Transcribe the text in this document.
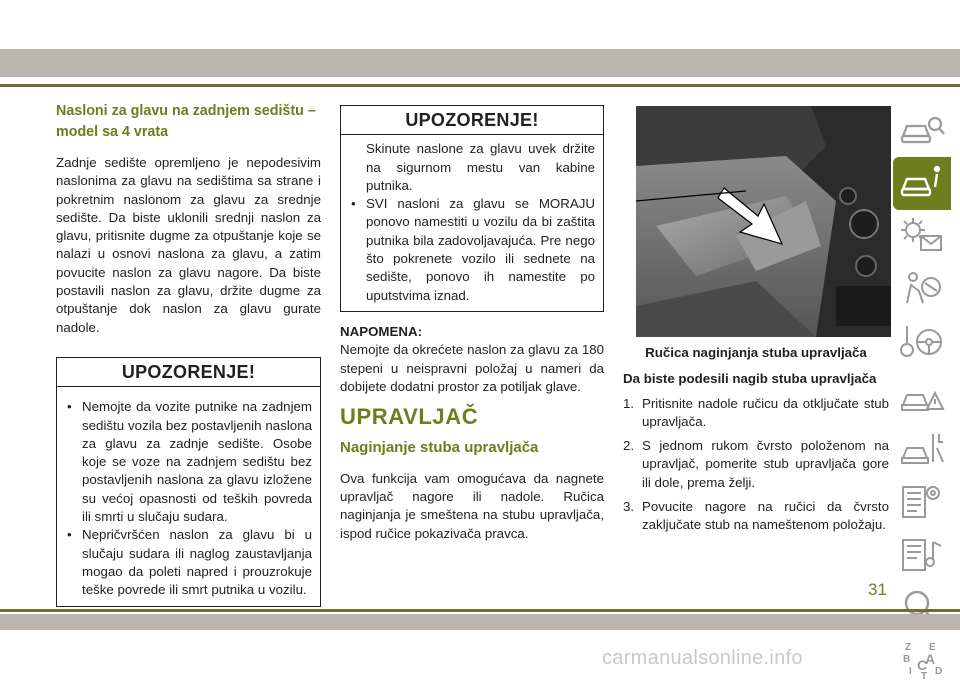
Nasloni za glavu na zadnjem sedištu – model sa 4 vrata

Zadnje sedište opremljeno je nepodesivim naslonima za glavu na sedištima sa strane i pokretnim naslonom za glavu za srednje sedište. Da biste uklonili srednji naslon za glavu, pritisnite dugme za otpuštanje koje se nalazi u osnovi naslona za glavu, a zatim povucite naslon za glavu nagore. Da biste postavili naslon za glavu, držite dugme za otpuštanje dok naslon za glavu gurate nadole.

UPOZORENJE!

• Nemojte da vozite putnike na zadnjem sedištu vozila bez postavljenih naslona za glavu za zadnje sedište. Osobe koje se voze na zadnjem sedištu bez postavljenih naslona za glavu izložene su većoj opasnosti od teških povreda ili smrti u slučaju sudara.

• Nepričvršćen naslon za glavu bi u slučaju sudara ili naglog zaustavljanja mogao da poleti napred i prouzrokuje teške povrede ili smrt putnika u vozilu.

UPOZORENJE!

Skinute naslone za glavu uvek držite na sigurnom mestu van kabine putnika.

• SVI nasloni za glavu se MORAJU ponovo namestiti u vozilu da bi zaštita putnika bila zadovoljavajuća. Pre nego što pokrenete vozilo ili sednete na sedište, ponovo ih namestite po uputstvima iznad.

NAPOMENA:

Nemojte da okrećete naslon za glavu za 180 stepeni u neispravni položaj u nameri da dobijete dodatni prostor za potiljak glave.

UPRAVLJAČ
Naginjanje stuba upravljača

Ova funkcija vam omogućava da nagnete upravljač nagore ili nadole. Ručica naginjanja je smeštena na stubu upravljača, ispod ručice pokazivača pravca.

Ručica naginjanja stuba upravljača
Da biste podesili nagib stuba upravljača
1. Pritisnite nadole ručicu da otključate stub upravljača.
2. S jednom rukom čvrsto položenom na upravljač, pomerite stub upravljača gore ili dole, prema želji.
3. Povucite nagore na ručici da čvrsto zaključate stub na nameštenom položaju.
Z E
B A
I C
T D
31
carmanualsonline.info
